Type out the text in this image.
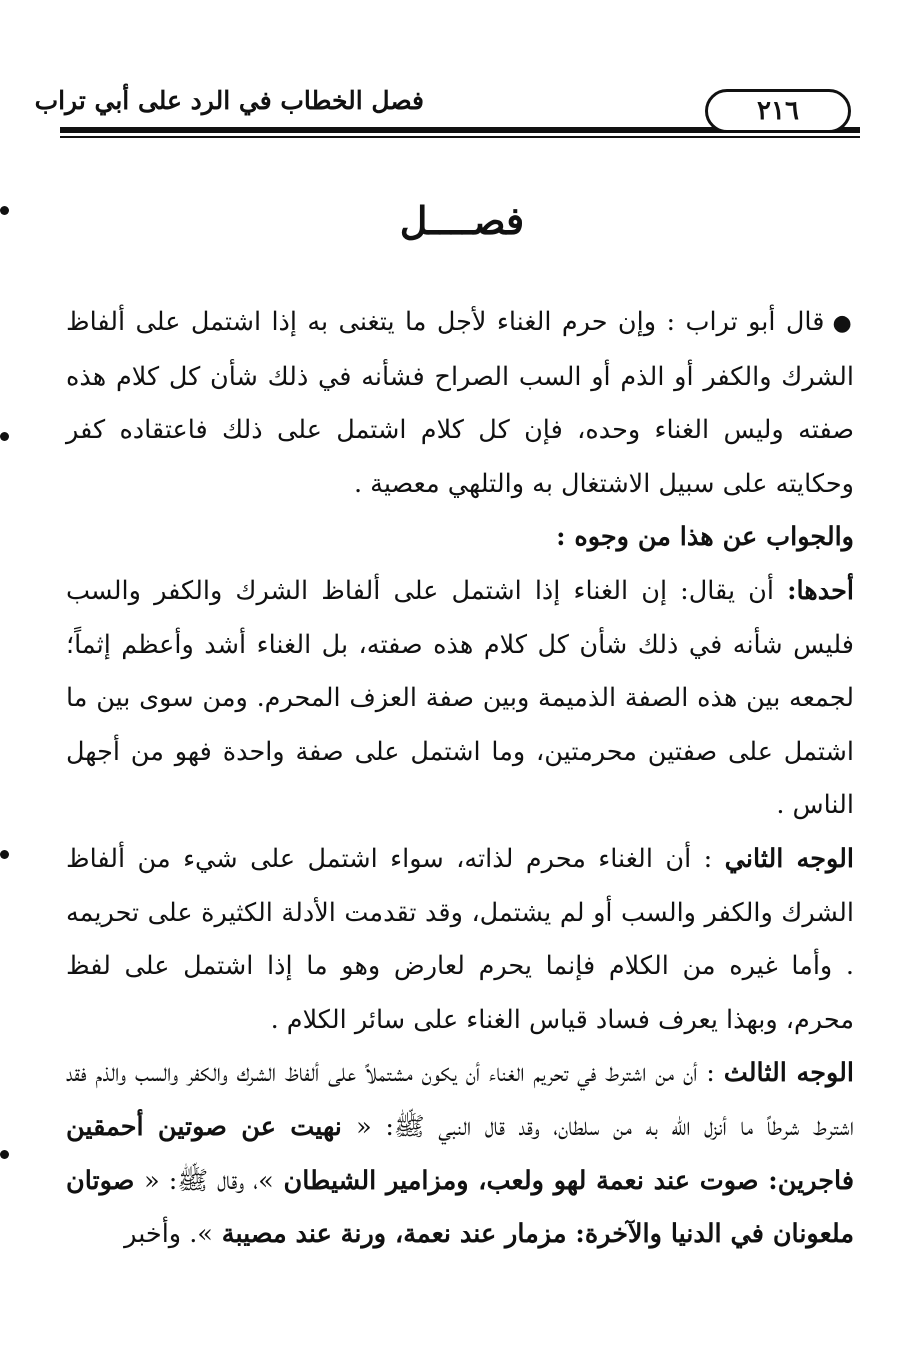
فصل الخطاب في الرد على أبي تراب	٢١٦
فصــــل

● قال أبو تراب : وإن حرم الغناء لأجل ما يتغنى به إذا اشتمل على ألفاظ الشرك والكفر أو الذم أو السب الصراح فشأنه في ذلك شأن كل كلام هذه صفته وليس الغناء وحده، فإن كل كلام اشتمل على ذلك فاعتقاده كفر وحكايته على سبيل الاشتغال به والتلهي معصية .

والجواب عن هذا من وجوه :

أحدها: أن يقال: إن الغناء إذا اشتمل على ألفاظ الشرك والكفر والسب فليس شأنه في ذلك شأن كل كلام هذه صفته، بل الغناء أشد وأعظم إثماً؛ لجمعه بين هذه الصفة الذميمة وبين صفة العزف المحرم. ومن سوى بين ما اشتمل على صفتين محرمتين، وما اشتمل على صفة واحدة فهو من أجهل الناس .

الوجه الثاني : أن الغناء محرم لذاته، سواء اشتمل على شيء من ألفاظ الشرك والكفر والسب أو لم يشتمل، وقد تقدمت الأدلة الكثيرة على تحريمه . وأما غيره من الكلام فإنما يحرم لعارض وهو ما إذا اشتمل على لفظ محرم، وبهذا يعرف فساد قياس الغناء على سائر الكلام .

الوجه الثالث : أن من اشترط في تحريم الغناء أن يكون مشتملاً على ألفاظ الشرك والكفر والسب والذم فقد اشترط شرطاً ما أنزل الله به من سلطان، وقد قال النبي ﷺ: « نهيت عن صوتين أحمقين فاجرين: صوت عند نعمة لهو ولعب، ومزامير الشيطان »، وقال ﷺ: « صوتان ملعونان في الدنيا والآخرة: مزمار عند نعمة، ورنة عند مصيبة ». وأخبر
